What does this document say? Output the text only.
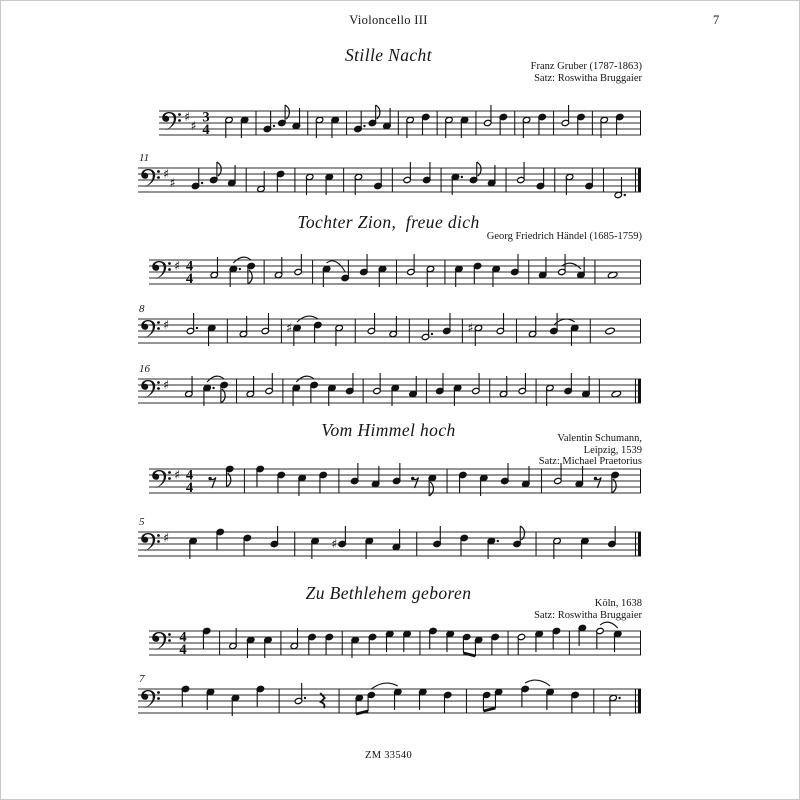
Violoncello III	7
Stille Nacht
Franz Gruber (1787-1863)
Satz: Roswitha Bruggaier
Tochter Zion,  freue dich
Georg Friedrich Händel (1685-1759)
Vom Himmel hoch	Valentin Schumann,
Leipzig, 1539
Satz: Michael Praetorius
Zu Bethlehem geboren
Köln, 1638
Satz: Roswitha Bruggaier
♯
♯ 3
4
11
♯
♯
♯ 4
4
8
♯	♯	♯
16
♯
♯ 4
4
5
♯	♯
4
4
7
ZM 33540
